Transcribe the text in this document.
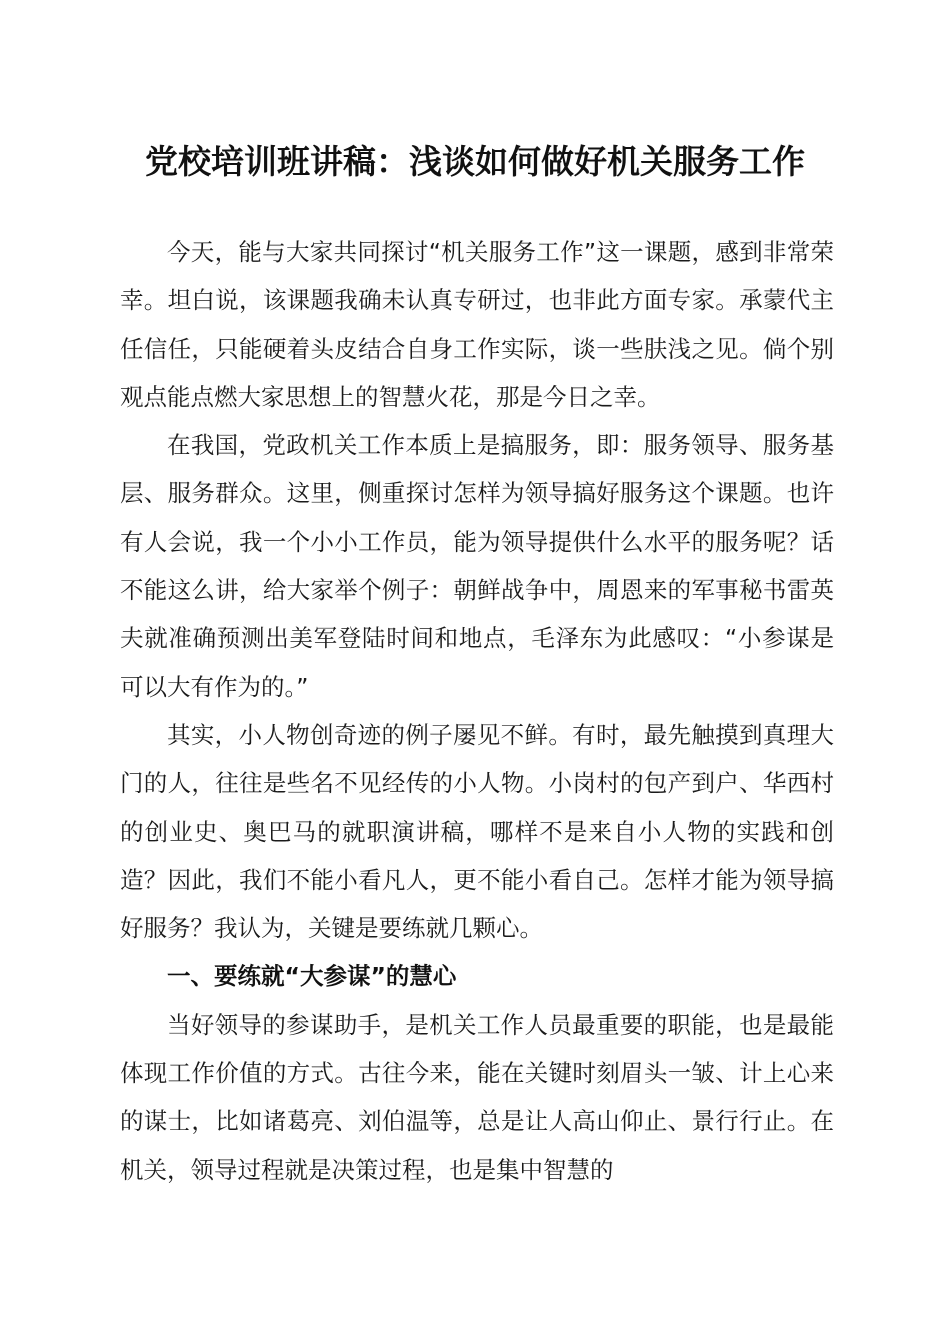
党校培训班讲稿：浅谈如何做好机关服务工作

今天，能与大家共同探讨“机关服务工作”这一课题，感到非常荣幸。坦白说，该课题我确未认真专研过，也非此方面专家。承蒙代主任信任，只能硬着头皮结合自身工作实际，谈一些肤浅之见。倘个别观点能点燃大家思想上的智慧火花，那是今日之幸。

在我国，党政机关工作本质上是搞服务，即：服务领导、服务基层、服务群众。这里，侧重探讨怎样为领导搞好服务这个课题。也许有人会说，我一个小小工作员，能为领导提供什么水平的服务呢？话不能这么讲，给大家举个例子：朝鲜战争中，周恩来的军事秘书雷英夫就准确预测出美军登陆时间和地点，毛泽东为此感叹：“小参谋是可以大有作为的。”

其实，小人物创奇迹的例子屡见不鲜。有时，最先触摸到真理大门的人，往往是些名不见经传的小人物。小岗村的包产到户、华西村的创业史、奥巴马的就职演讲稿，哪样不是来自小人物的实践和创造？因此，我们不能小看凡人，更不能小看自己。怎样才能为领导搞好服务？我认为，关键是要练就几颗心。

一、要练就“大参谋”的慧心

当好领导的参谋助手，是机关工作人员最重要的职能，也是最能体现工作价值的方式。古往今来，能在关键时刻眉头一皱、计上心来的谋士，比如诸葛亮、刘伯温等，总是让人高山仰止、景行行止。在机关，领导过程就是决策过程，也是集中智慧的
